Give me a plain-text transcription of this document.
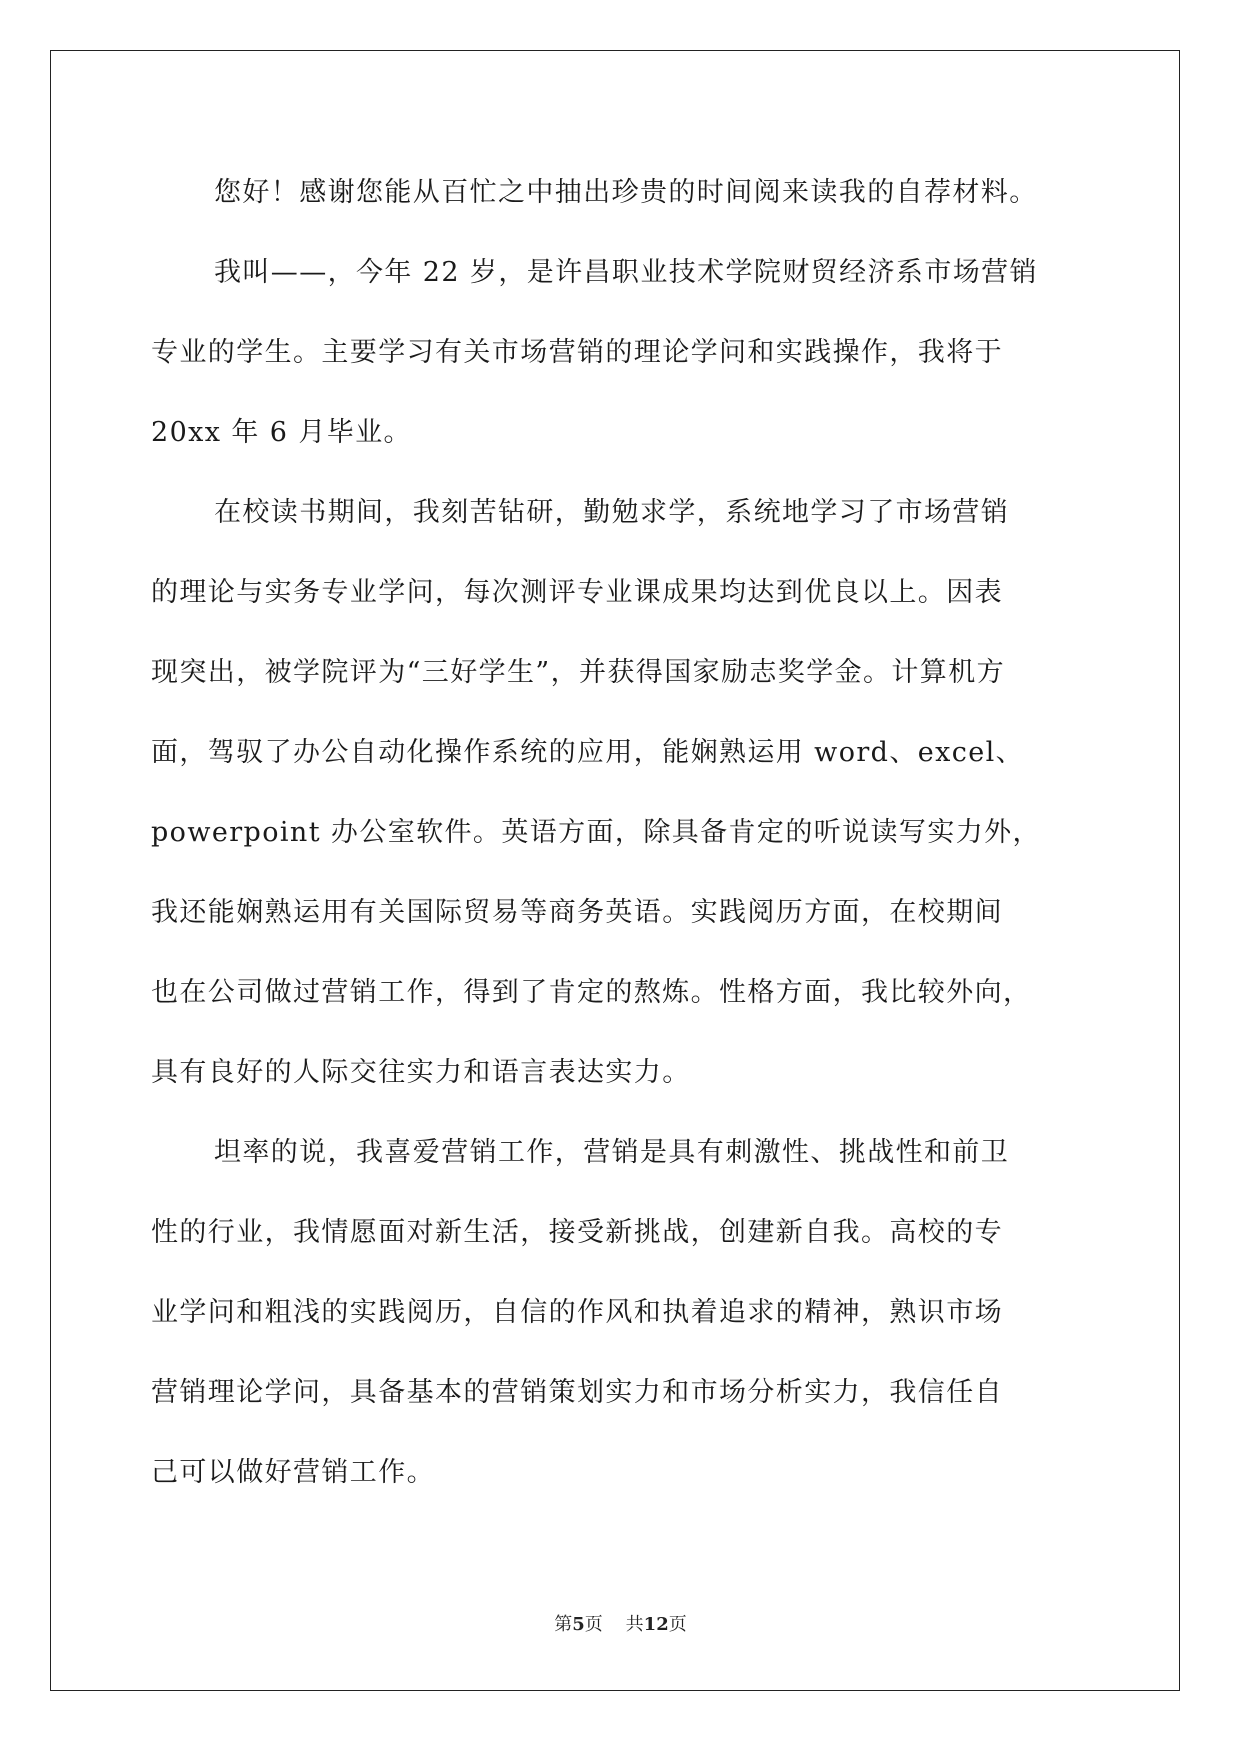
您好！感谢您能从百忙之中抽出珍贵的时间阅来读我的自荐材料。
我叫——，今年 22 岁，是许昌职业技术学院财贸经济系市场营销
专业的学生。主要学习有关市场营销的理论学问和实践操作，我将于
20xx 年 6 月毕业。
在校读书期间，我刻苦钻研，勤勉求学，系统地学习了市场营销
的理论与实务专业学问，每次测评专业课成果均达到优良以上。因表
现突出，被学院评为“三好学生”，并获得国家励志奖学金。计算机方
面，驾驭了办公自动化操作系统的应用，能娴熟运用 word、excel、
powerpoint 办公室软件。英语方面，除具备肯定的听说读写实力外，
我还能娴熟运用有关国际贸易等商务英语。实践阅历方面，在校期间
也在公司做过营销工作，得到了肯定的熬炼。性格方面，我比较外向，
具有良好的人际交往实力和语言表达实力。
坦率的说，我喜爱营销工作，营销是具有刺激性、挑战性和前卫
性的行业，我情愿面对新生活，接受新挑战，创建新自我。高校的专
业学问和粗浅的实践阅历，自信的作风和执着追求的精神，熟识市场
营销理论学问，具备基本的营销策划实力和市场分析实力，我信任自
己可以做好营销工作。
第5页 共12页
